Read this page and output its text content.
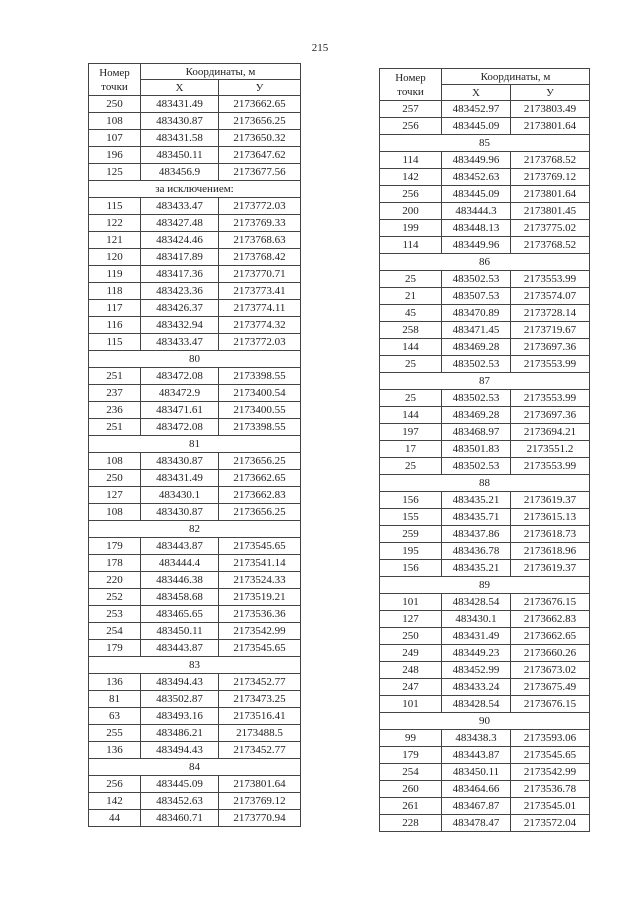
215
Номер
точки	Координаты, м	
	X	У
250	483431.49	2173662.65
108	483430.87	2173656.25
107	483431.58	2173650.32
196	483450.11	2173647.62
125	483456.9	2173677.56
за исключением:		
115	483433.47	2173772.03
122	483427.48	2173769.33
121	483424.46	2173768.63
120	483417.89	2173768.42
119	483417.36	2173770.71
118	483423.36	2173773.41
117	483426.37	2173774.11
116	483432.94	2173774.32
115	483433.47	2173772.03
80		
251	483472.08	2173398.55
237	483472.9	2173400.54
236	483471.61	2173400.55
251	483472.08	2173398.55
81		
108	483430.87	2173656.25
250	483431.49	2173662.65
127	483430.1	2173662.83
108	483430.87	2173656.25
82		
179	483443.87	2173545.65
178	483444.4	2173541.14
220	483446.38	2173524.33
252	483458.68	2173519.21
253	483465.65	2173536.36
254	483450.11	2173542.99
179	483443.87	2173545.65
83		
136	483494.43	2173452.77
81	483502.87	2173473.25
63	483493.16	2173516.41
255	483486.21	2173488.5
136	483494.43	2173452.77
84		
256	483445.09	2173801.64
142	483452.63	2173769.12
44	483460.71	2173770.94
Номер
точки	Координаты, м	
	X	У
257	483452.97	2173803.49
256	483445.09	2173801.64
85		
114	483449.96	2173768.52
142	483452.63	2173769.12
256	483445.09	2173801.64
200	483444.3	2173801.45
199	483448.13	2173775.02
114	483449.96	2173768.52
86		
25	483502.53	2173553.99
21	483507.53	2173574.07
45	483470.89	2173728.14
258	483471.45	2173719.67
144	483469.28	2173697.36
25	483502.53	2173553.99
87		
25	483502.53	2173553.99
144	483469.28	2173697.36
197	483468.97	2173694.21
17	483501.83	2173551.2
25	483502.53	2173553.99
88		
156	483435.21	2173619.37
155	483435.71	2173615.13
259	483437.86	2173618.73
195	483436.78	2173618.96
156	483435.21	2173619.37
89		
101	483428.54	2173676.15
127	483430.1	2173662.83
250	483431.49	2173662.65
249	483449.23	2173660.26
248	483452.99	2173673.02
247	483433.24	2173675.49
101	483428.54	2173676.15
90		
99	483438.3	2173593.06
179	483443.87	2173545.65
254	483450.11	2173542.99
260	483464.66	2173536.78
261	483467.87	2173545.01
228	483478.47	2173572.04
